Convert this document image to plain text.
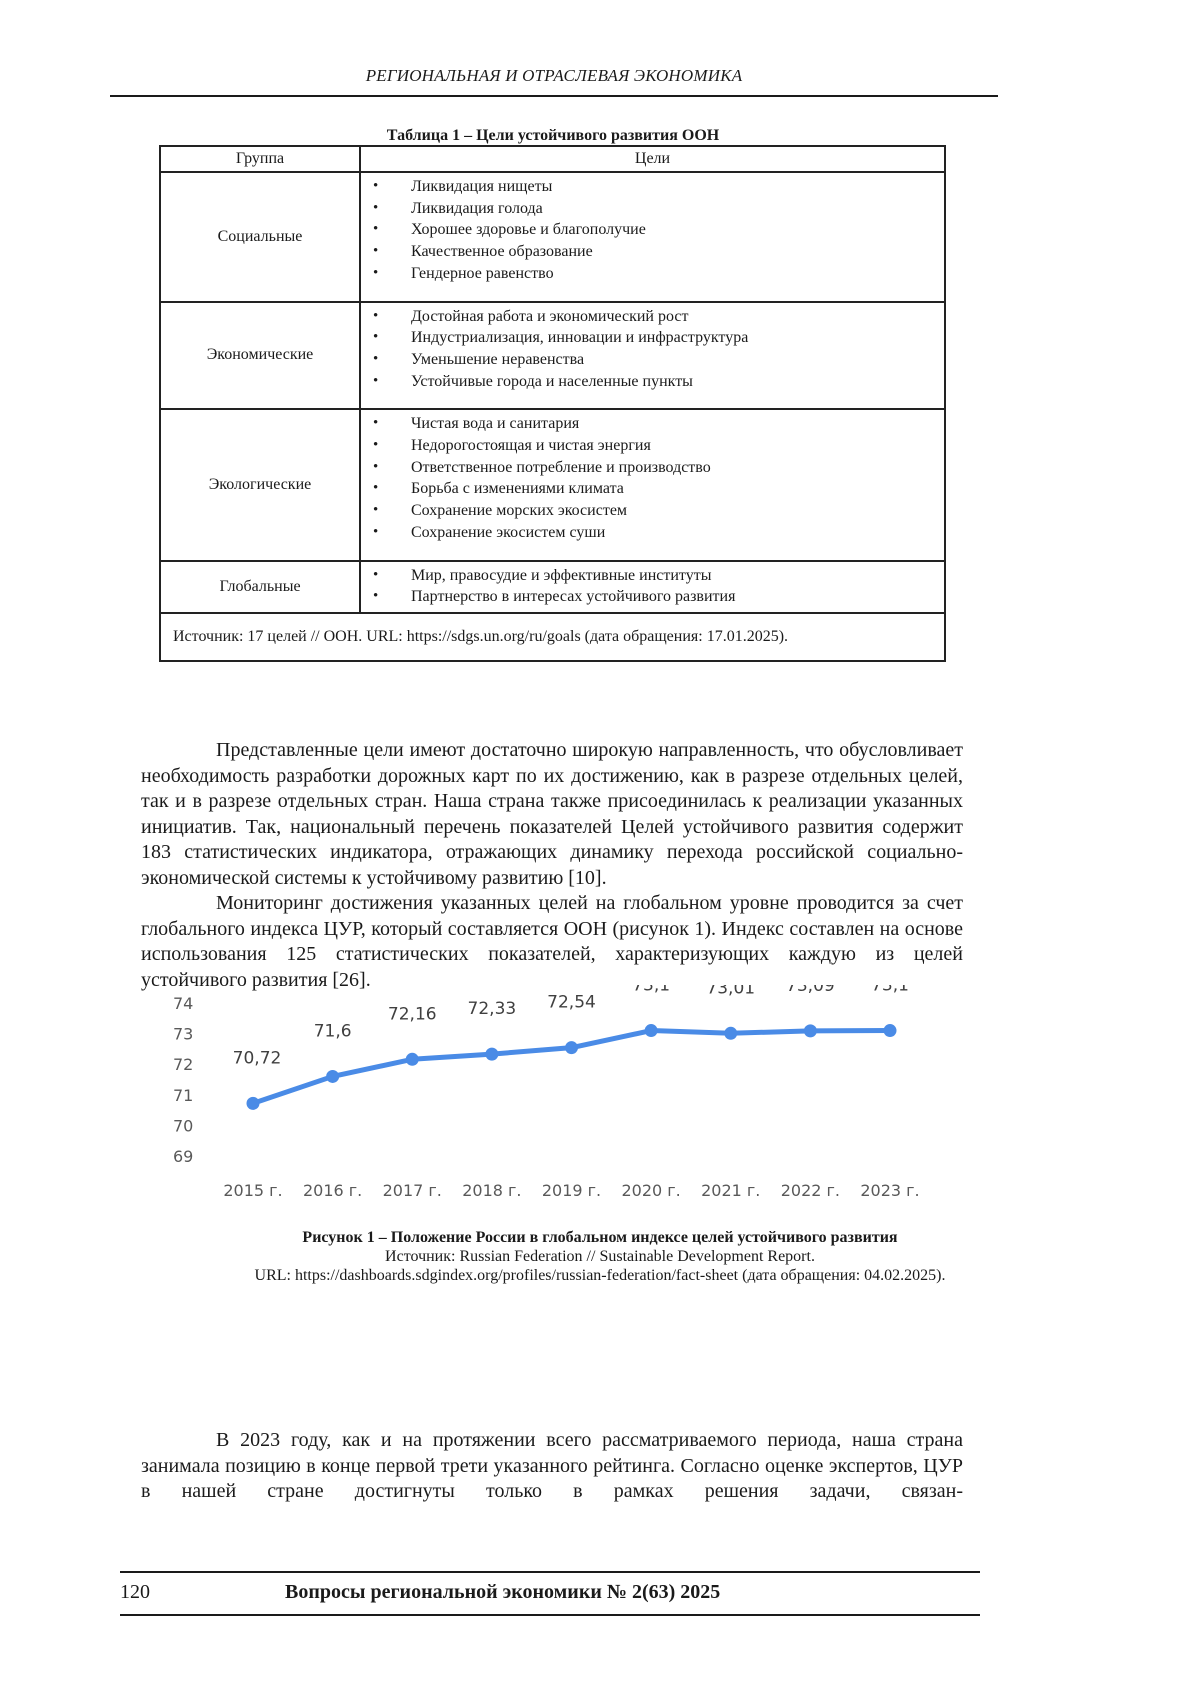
РЕГИОНАЛЬНАЯ И ОТРАСЛЕВАЯ ЭКОНОМИКА
Таблица 1 – Цели устойчивого развития ООН
Группа	Цели
Социальные	
• Ликвидация нищеты
• Ликвидация голода
• Хорошее здоровье и благополучие
• Качественное образование
• Гендерное равенство

Экономические	
• Достойная работа и экономический рост
• Индустриализация, инновации и инфраструктура
• Уменьшение неравенства
• Устойчивые города и населенные пункты

Экологические	
• Чистая вода и санитария
• Недорогостоящая и чистая энергия
• Ответственное потребление и производство
• Борьба с изменениями климата
• Сохранение морских экосистем
• Сохранение экосистем суши

Глобальные	
• Мир, правосудие и эффективные институты
• Партнерство в интересах устойчивого развития

Источник: 17 целей // ООН. URL: https://sdgs.un.org/ru/goals (дата обращения: 17.01.2025).	

Представленные цели имеют достаточно широкую направленность, что обусловливает необходимость разработки дорожных карт по их достижению, как в разрезе отдельных целей, так и в разрезе отдельных стран. Наша страна также присоединилась к реализации указанных инициатив. Так, национальный перечень показателей Целей устойчивого развития содержит 183 статистических индикатора, отражающих динамику перехода российской социально-экономической системы к устойчивому развитию [10].

Мониторинг достижения указанных целей на глобальном уровне проводится за счет глобального индекса ЦУР, который составляется ООН (рисунок 1). Индекс составлен на основе использования 125 статистических показателей, характеризующих каждую из целей устойчивого развития [26].

74
73
72
71
70
69
2015 г. 2016 г. 2017 г. 2018 г. 2019 г. 2020 г. 2021 г. 2022 г. 2023 г.
70,72
71,6
72,16 72,33 72,54
73,1 73,01 73,09 73,1
Рисунок 1 – Положение России в глобальном индексе целей устойчивого развития
Источник: Russian Federation // Sustainable Development Report.
URL: https://dashboards.sdgindex.org/profiles/russian-federation/fact-sheet (дата обращения: 04.02.2025).

В 2023 году, как и на протяжении всего рассматриваемого периода, наша страна занимала позицию в конце первой трети указанного рейтинга. Согласно оценке экспертов, ЦУР в нашей стране достигнуты только в рамках решения задачи, связан-

120	Вопросы региональной экономики № 2(63) 2025
